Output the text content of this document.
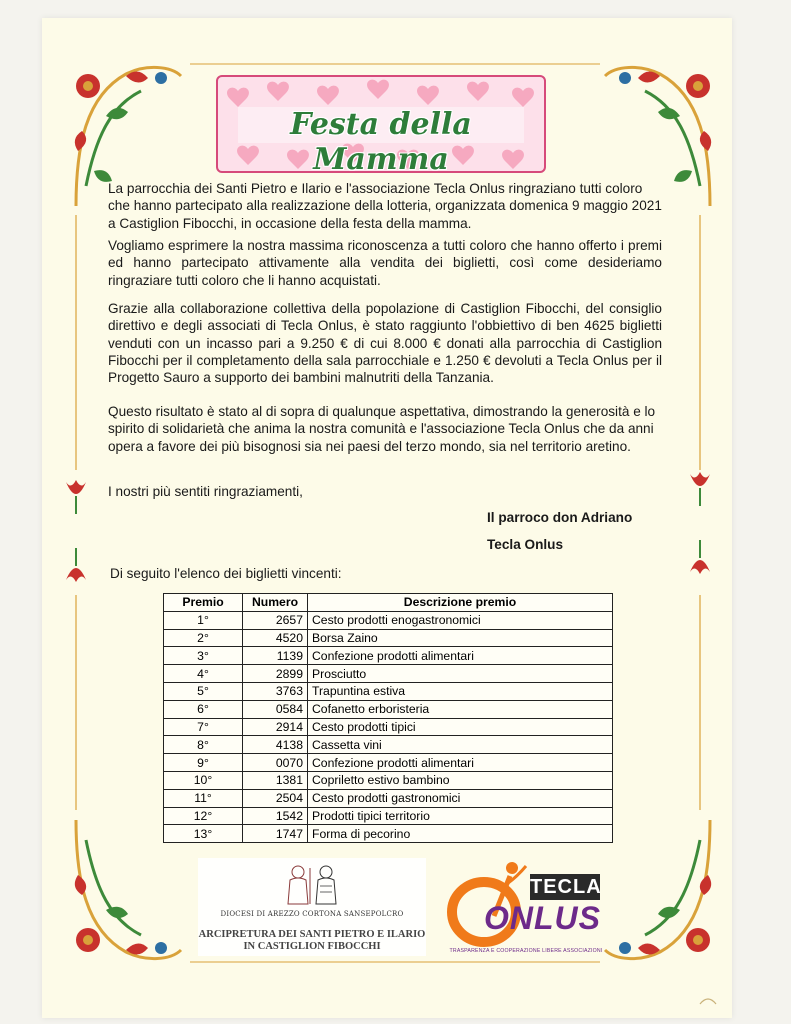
Festa della Mamma
La parrocchia dei Santi Pietro e Ilario e l'associazione Tecla Onlus ringraziano tutti coloro che hanno partecipato alla realizzazione della lotteria, organizzata domenica 9 maggio 2021 a Castiglion Fibocchi, in occasione della festa della mamma.
Vogliamo esprimere la nostra massima riconoscenza a tutti coloro che hanno offerto i premi ed hanno partecipato attivamente alla vendita dei biglietti, così come desideriamo ringraziare tutti coloro che li hanno acquistati.
Grazie alla collaborazione collettiva della popolazione di Castiglion Fibocchi, del consiglio direttivo e degli associati di Tecla Onlus, è stato raggiunto l'obbiettivo di ben 4625 biglietti venduti con un incasso pari a 9.250 € di cui 8.000 € donati alla parrocchia di Castiglion Fibocchi per il completamento della sala parrocchiale e 1.250 € devoluti a Tecla Onlus per il Progetto Sauro a supporto dei bambini malnutriti della Tanzania.
Questo risultato è stato al di sopra di qualunque aspettativa, dimostrando la generosità e lo spirito di solidarietà che anima la nostra comunità e l'associazione Tecla Onlus che da anni opera a favore dei più bisognosi sia nei paesi del terzo mondo, sia nel territorio aretino.
I nostri più sentiti ringraziamenti,
Il parroco don Adriano
Tecla Onlus
Di seguito l'elenco dei biglietti vincenti:
Premio	Numero	Descrizione premio
1°	2657	Cesto prodotti enogastronomici
2°	4520	Borsa Zaino
3°	1139	Confezione prodotti alimentari
4°	2899	Prosciutto
5°	3763	Trapuntina estiva
6°	0584	Cofanetto erboristeria
7°	2914	Cesto prodotti tipici
8°	4138	Cassetta vini
9°	0070	Confezione prodotti alimentari
10°	1381	Copriletto estivo bambino
11°	2504	Cesto prodotti gastronomici
12°	1542	Prodotti tipici territorio
13°	1747	Forma di pecorino
DIOCESI DI AREZZO CORTONA SANSEPOLCRO
ARCIPRETURA DEI SANTI PIETRO E ILARIO
IN CASTIGLION FIBOCCHI
TECLA
ONLUS
TRASPARENZA E COOPERAZIONE LIBERE ASSOCIAZIONI
